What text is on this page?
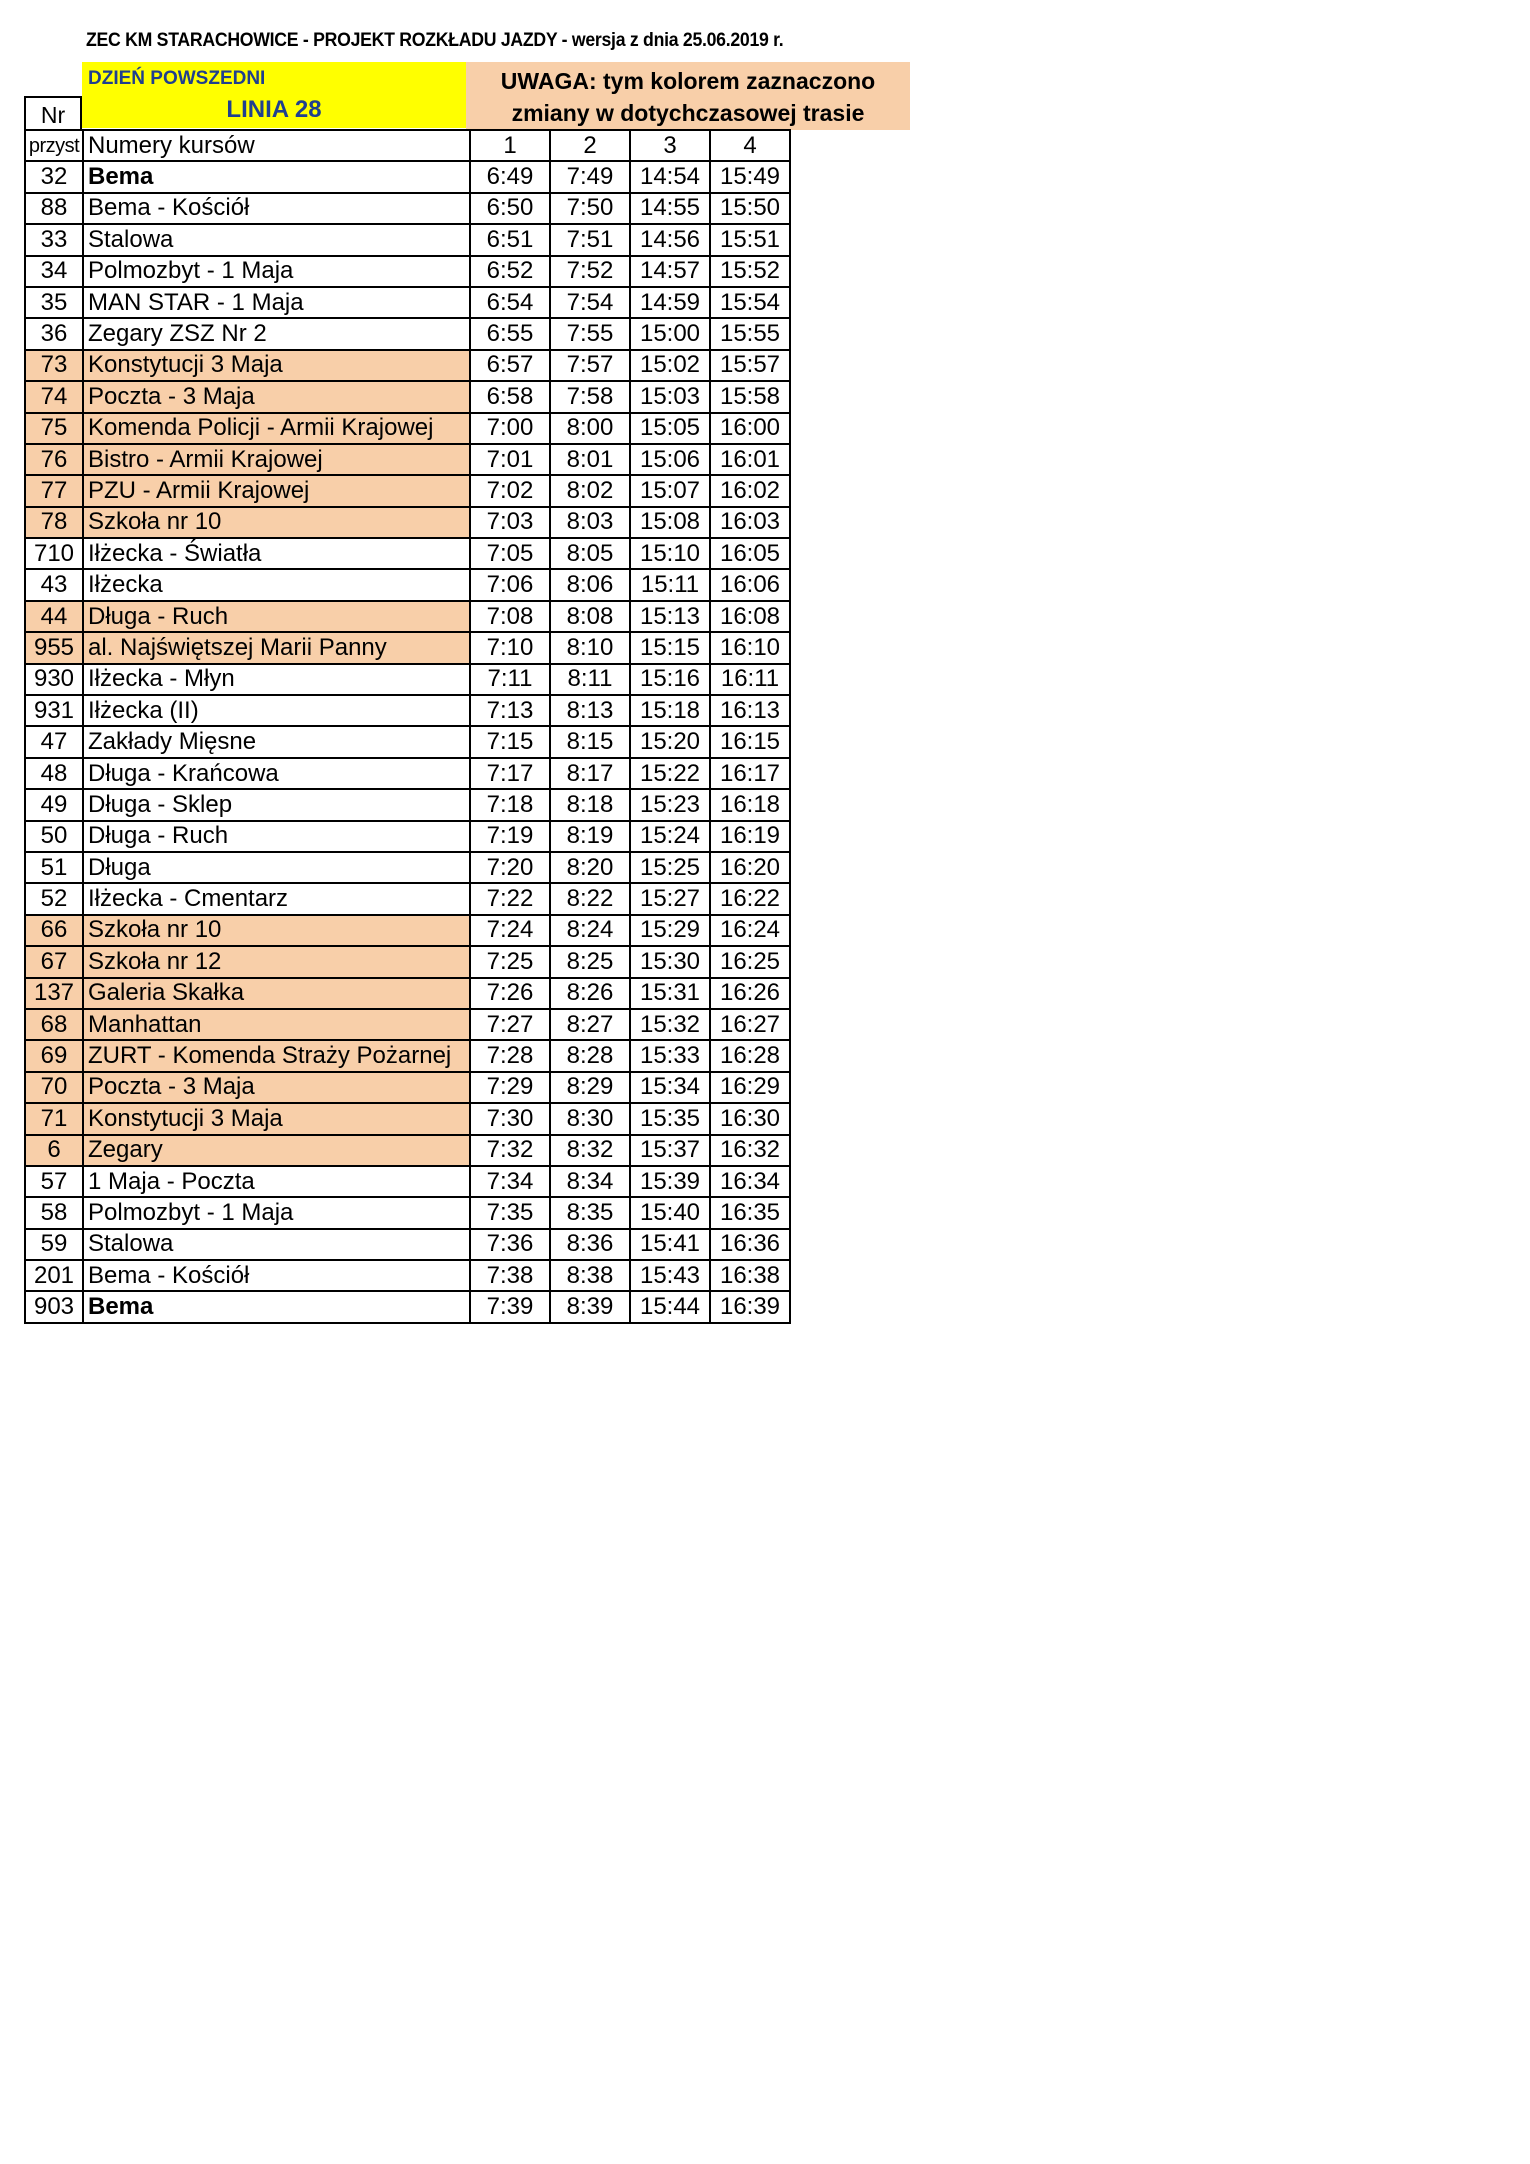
ZEC KM STARACHOWICE - PROJEKT ROZKŁADU JAZDY - wersja z dnia 25.06.2019 r.
DZIEŃ POWSZEDNI
LINIA 28
UWAGA: tym kolorem zaznaczono
zmiany w dotychczasowej trasie
Nr
przyst	Numery kursów	1	2	3	4
32	Bema	6:49	7:49	14:54	15:49
88	Bema - Kościół	6:50	7:50	14:55	15:50
33	Stalowa	6:51	7:51	14:56	15:51
34	Polmozbyt - 1 Maja	6:52	7:52	14:57	15:52
35	MAN STAR - 1 Maja	6:54	7:54	14:59	15:54
36	Zegary ZSZ Nr 2	6:55	7:55	15:00	15:55
73	Konstytucji 3 Maja	6:57	7:57	15:02	15:57
74	Poczta - 3 Maja	6:58	7:58	15:03	15:58
75	Komenda Policji - Armii Krajowej	7:00	8:00	15:05	16:00
76	Bistro - Armii Krajowej	7:01	8:01	15:06	16:01
77	PZU - Armii Krajowej	7:02	8:02	15:07	16:02
78	Szkoła nr 10	7:03	8:03	15:08	16:03
710	Iłżecka - Światła	7:05	8:05	15:10	16:05
43	Iłżecka	7:06	8:06	15:11	16:06
44	Długa - Ruch	7:08	8:08	15:13	16:08
955	al. Najświętszej Marii Panny	7:10	8:10	15:15	16:10
930	Iłżecka - Młyn	7:11	8:11	15:16	16:11
931	Iłżecka (II)	7:13	8:13	15:18	16:13
47	Zakłady Mięsne	7:15	8:15	15:20	16:15
48	Długa - Krańcowa	7:17	8:17	15:22	16:17
49	Długa - Sklep	7:18	8:18	15:23	16:18
50	Długa - Ruch	7:19	8:19	15:24	16:19
51	Długa	7:20	8:20	15:25	16:20
52	Iłżecka - Cmentarz	7:22	8:22	15:27	16:22
66	Szkoła nr 10	7:24	8:24	15:29	16:24
67	Szkoła nr 12	7:25	8:25	15:30	16:25
137	Galeria Skałka	7:26	8:26	15:31	16:26
68	Manhattan	7:27	8:27	15:32	16:27
69	ZURT - Komenda Straży Pożarnej	7:28	8:28	15:33	16:28
70	Poczta - 3 Maja	7:29	8:29	15:34	16:29
71	Konstytucji 3 Maja	7:30	8:30	15:35	16:30
6	Zegary	7:32	8:32	15:37	16:32
57	1 Maja - Poczta	7:34	8:34	15:39	16:34
58	Polmozbyt - 1 Maja	7:35	8:35	15:40	16:35
59	Stalowa	7:36	8:36	15:41	16:36
201	Bema - Kościół	7:38	8:38	15:43	16:38
903	Bema	7:39	8:39	15:44	16:39
